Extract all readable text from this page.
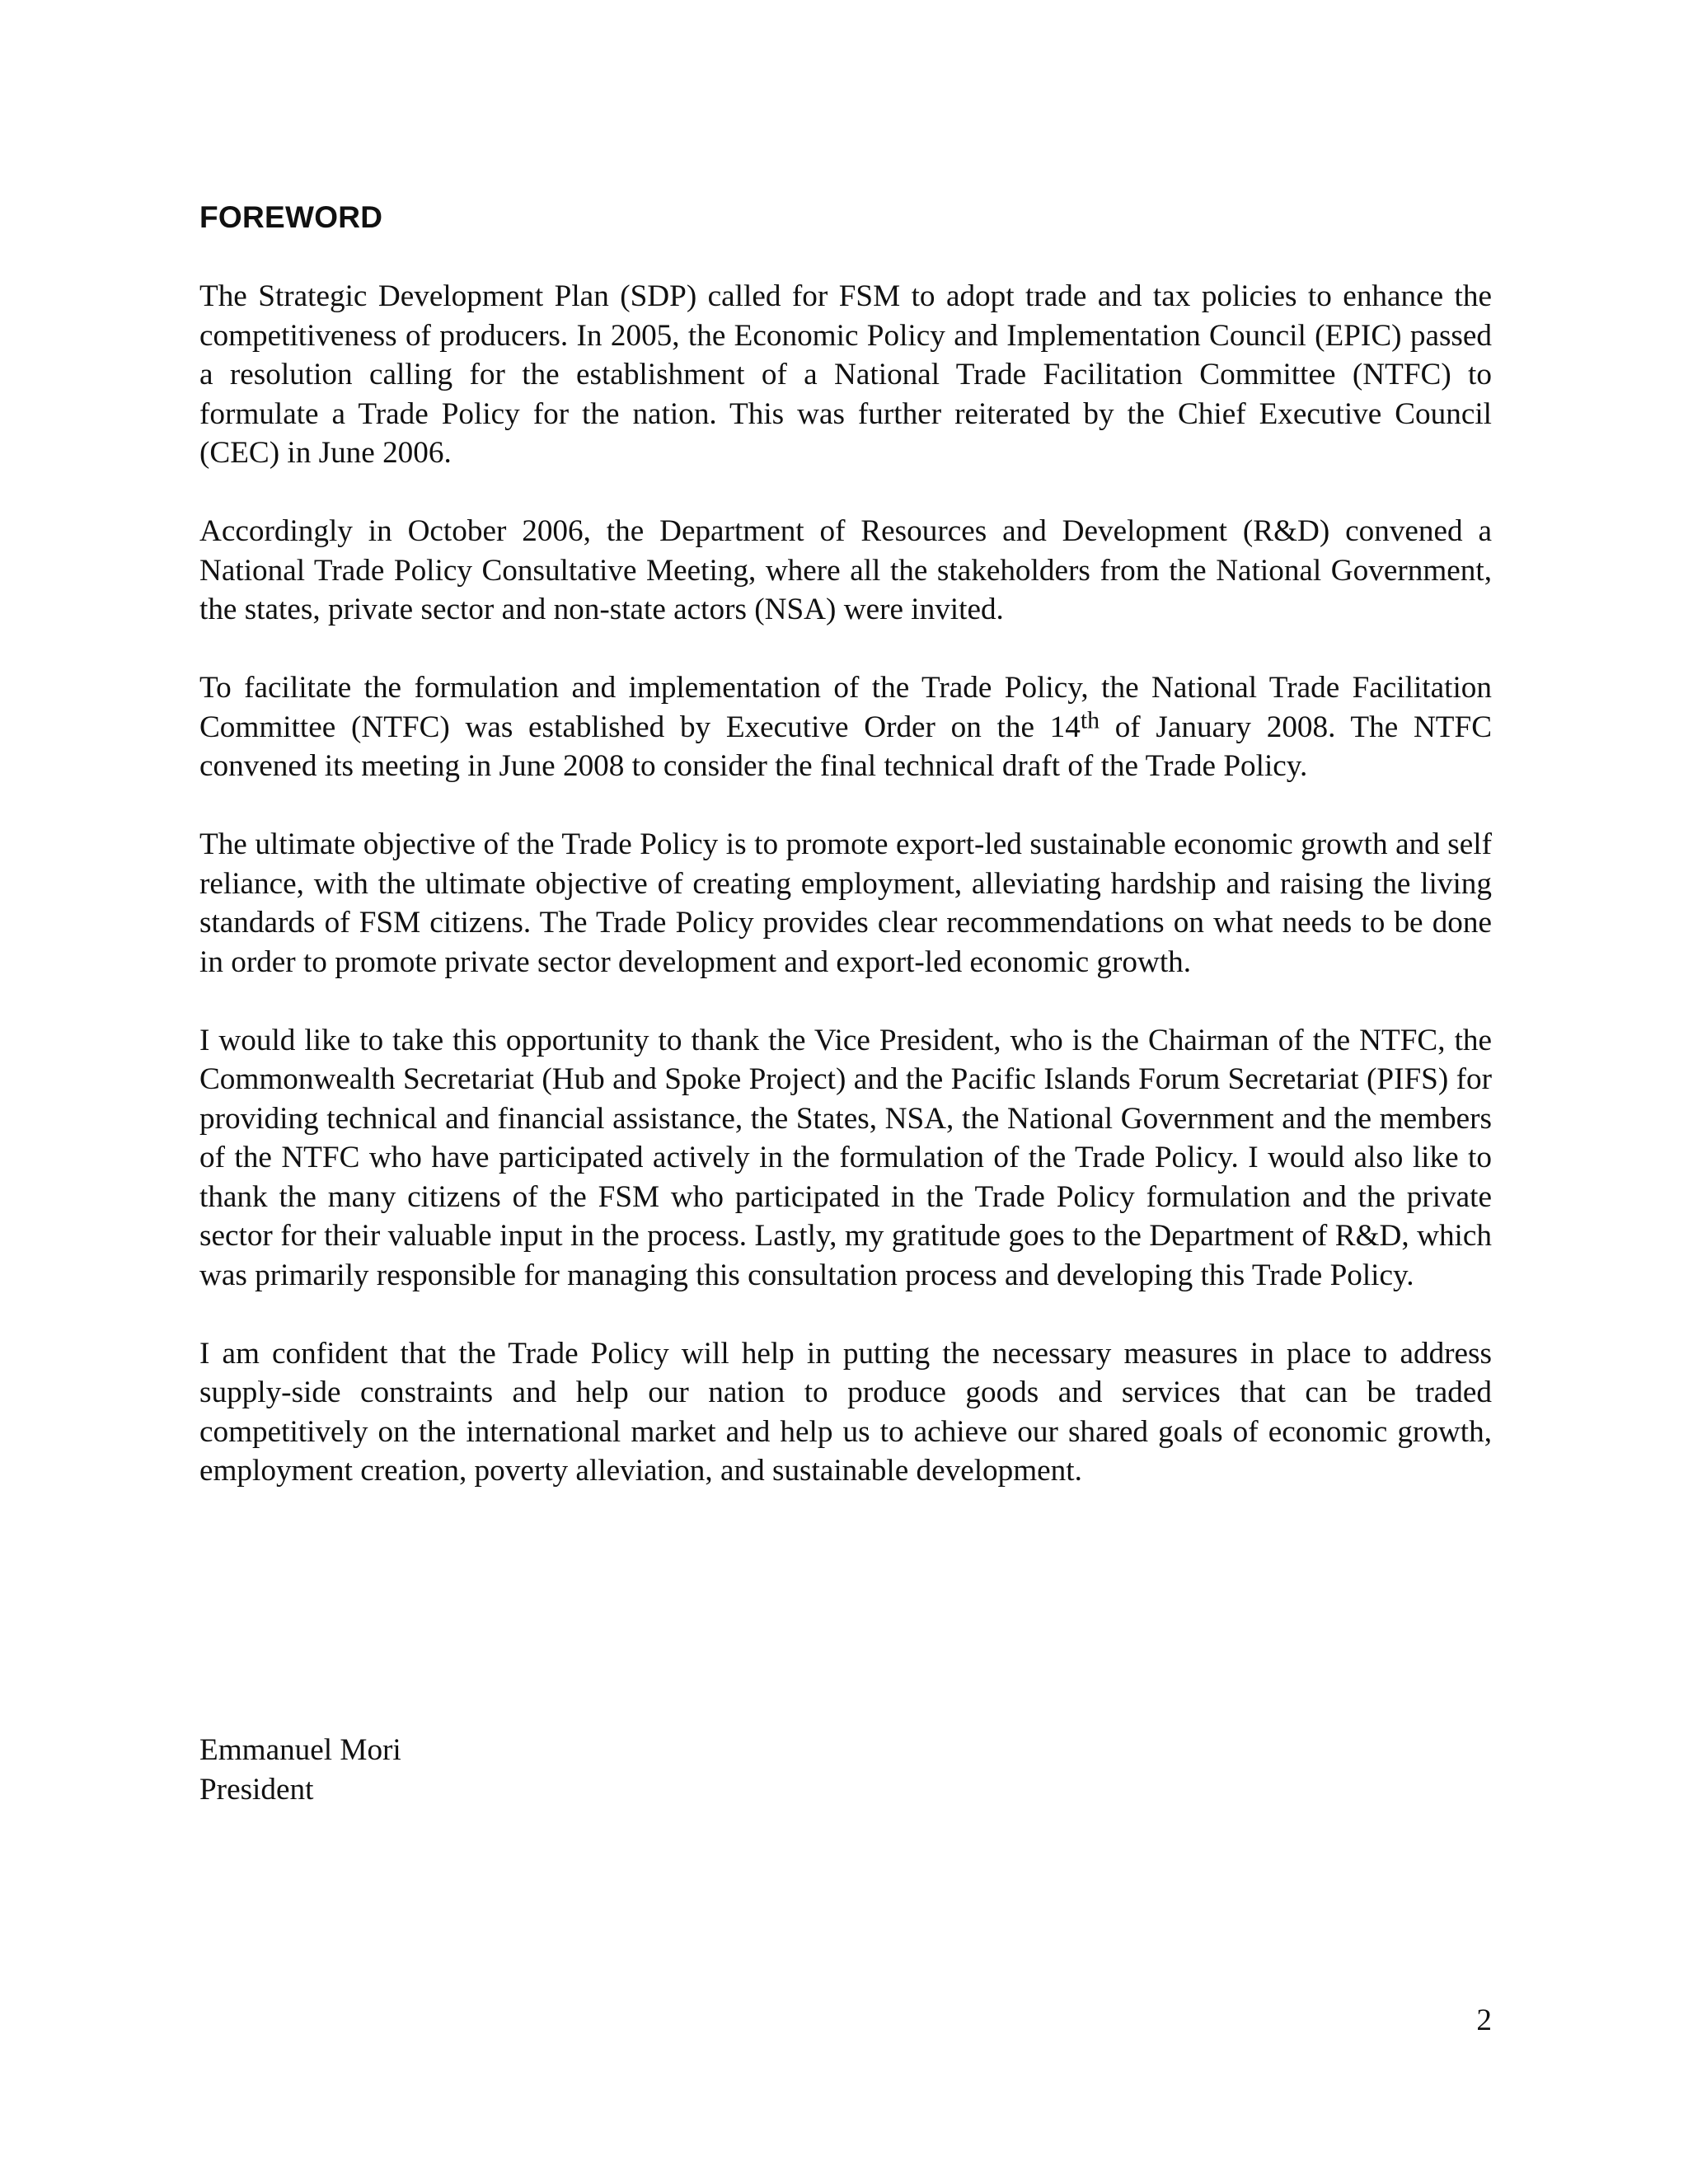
FOREWORD

The Strategic Development Plan (SDP) called for FSM to adopt trade and tax policies to enhance the competitiveness of producers. In 2005, the Economic Policy and Implementation Council (EPIC) passed a resolution calling for the establishment of a National Trade Facilitation Committee (NTFC) to formulate a Trade Policy for the nation. This was further reiterated by the Chief Executive Council (CEC) in June 2006.

Accordingly in October 2006, the Department of Resources and Development (R&D) convened a National Trade Policy Consultative Meeting, where all the stakeholders from the National Government, the states, private sector and non-state actors (NSA) were invited.

To facilitate the formulation and implementation of the Trade Policy, the National Trade Facilitation Committee (NTFC) was established by Executive Order on the 14th of January 2008. The NTFC convened its meeting in June 2008 to consider the final technical draft of the Trade Policy.

The ultimate objective of the Trade Policy is to promote export-led sustainable economic growth and self reliance, with the ultimate objective of creating employment, alleviating hardship and raising the living standards of FSM citizens. The Trade Policy provides clear recommendations on what needs to be done in order to promote private sector development and export-led economic growth.

I would like to take this opportunity to thank the Vice President, who is the Chairman of the NTFC, the Commonwealth Secretariat (Hub and Spoke Project) and the Pacific Islands Forum Secretariat (PIFS) for providing technical and financial assistance, the States, NSA, the National Government and the members of the NTFC who have participated actively in the formulation of the Trade Policy. I would also like to thank the many citizens of the FSM who participated in the Trade Policy formulation and the private sector for their valuable input in the process. Lastly, my gratitude goes to the Department of R&D, which was primarily responsible for managing this consultation process and developing this Trade Policy.

I am confident that the Trade Policy will help in putting the necessary measures in place to address supply-side constraints and help our nation to produce goods and services that can be traded competitively on the international market and help us to achieve our shared goals of economic growth, employment creation, poverty alleviation, and sustainable development.

Emmanuel Mori
President
2
